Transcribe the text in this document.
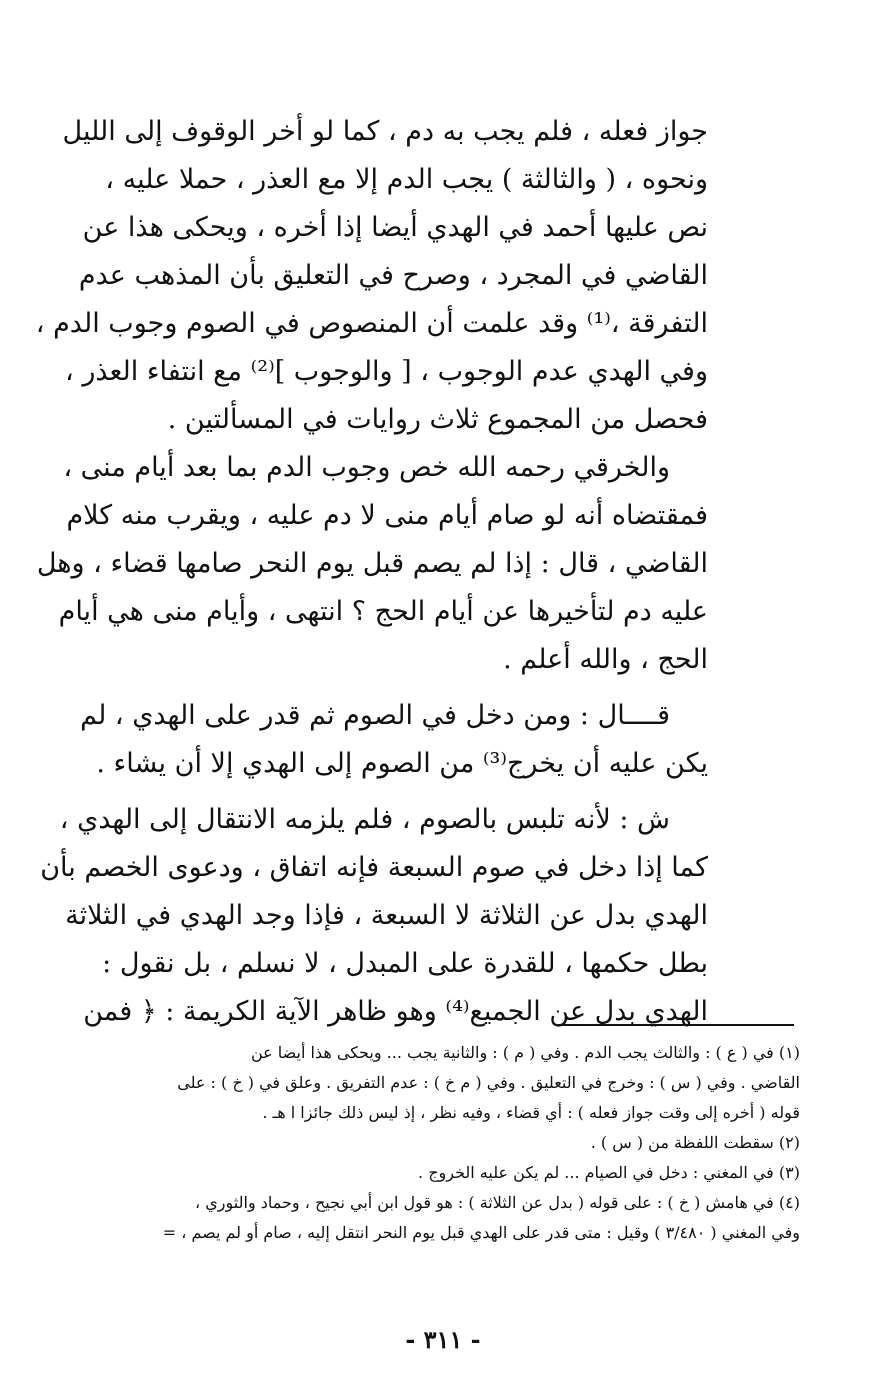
جواز فعله ، فلم يجب به دم ، كما لو أخر الوقوف إلى الليل
ونحوه ، ( والثالثة ) يجب الدم إلا مع العذر ، حملا عليه ،
نص عليها أحمد في الهدي أيضا إذا أخره ، ويحكى هذا عن
القاضي في المجرد ، وصرح في التعليق بأن المذهب عدم
التفرقة ،⁽¹⁾ وقد علمت أن المنصوص في الصوم وجوب الدم ،
وفي الهدي عدم الوجوب ، [ والوجوب ]⁽²⁾ مع انتفاء العذر ،
فحصل من المجموع ثلاث روايات في المسألتين .
والخرقي رحمه الله خص وجوب الدم بما بعد أيام منى ،
فمقتضاه أنه لو صام أيام منى لا دم عليه ، ويقرب منه كلام
القاضي ، قال : إذا لم يصم قبل يوم النحر صامها قضاء ، وهل
عليه دم لتأخيرها عن أيام الحج ؟ انتهى ، وأيام منى هي أيام
الحج ، والله أعلم .
قــــال : ومن دخل في الصوم ثم قدر على الهدي ، لم
يكن عليه أن يخرج⁽³⁾ من الصوم إلى الهدي إلا أن يشاء .
ش : لأنه تلبس بالصوم ، فلم يلزمه الانتقال إلى الهدي ،
كما إذا دخل في صوم السبعة فإنه اتفاق ، ودعوى الخصم بأن
الهدي بدل عن الثلاثة لا السبعة ، فإذا وجد الهدي في الثلاثة
بطل حكمها ، للقدرة على المبدل ، لا نسلم ، بل نقول :
الهدي بدل عن الجميع⁽⁴⁾ وهو ظاهر الآية الكريمة : ﴿ فمن
(١) في ( ع ) : والثالث يجب الدم . وفي ( م ) : والثانية يجب ... ويحكى هذا أيضا عن
القاضي . وفي ( س ) : وخرج في التعليق . وفي ( م خ ) : عدم التفريق . وعلق في ( خ ) : على
قوله ( أخره إلى وقت جواز فعله ) : أي قضاء ، وفيه نظر ، إذ ليس ذلك جائزا ا هـ .
(٢) سقطت اللفظة من ( س ) .
(٣) في المغني : دخل في الصيام ... لم يكن عليه الخروج .
(٤) في هامش ( خ ) : على قوله ( بدل عن الثلاثة ) : هو قول ابن أبي نجيح ، وحماد والثوري ،
وفي المغني ( ٣/٤٨٠ ) وقيل : متى قدر على الهدي قبل يوم النحر انتقل إليه ، صام أو لم يصم ، =
- ٣١١ -
